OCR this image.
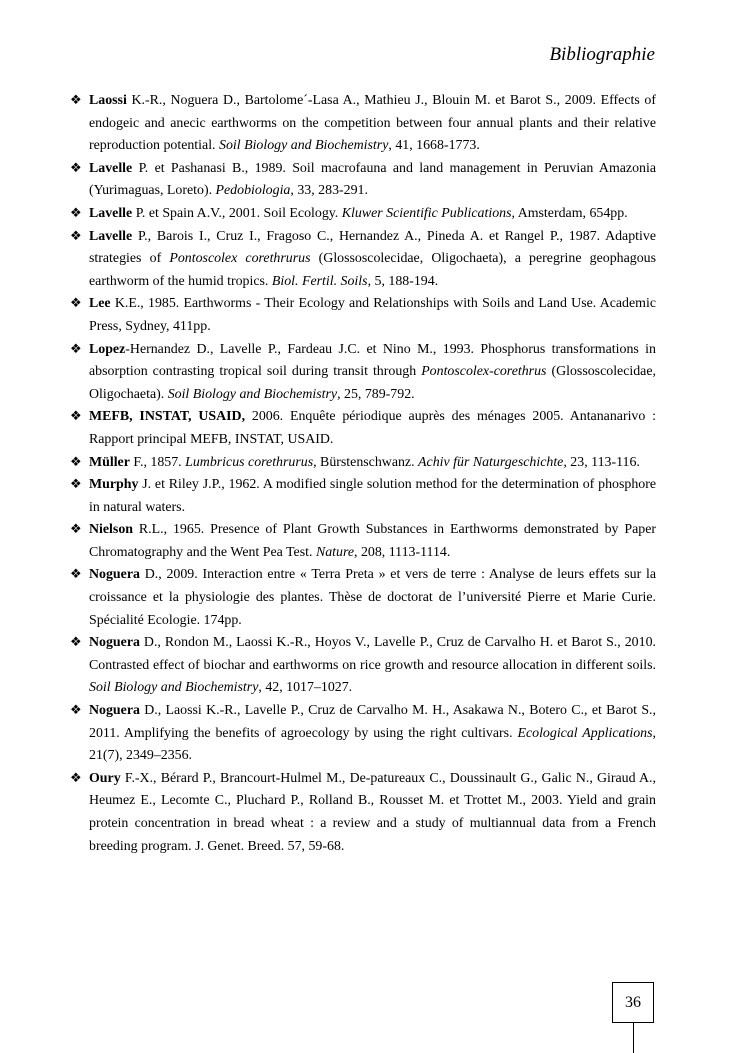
Bibliographie
❖ Laossi K.-R., Noguera D., Bartolome´-Lasa A., Mathieu J., Blouin M. et Barot S., 2009. Effects of endogeic and anecic earthworms on the competition between four annual plants and their relative reproduction potential. Soil Biology and Biochemistry, 41, 1668-1773.
❖ Lavelle P. et Pashanasi B., 1989. Soil macrofauna and land management in Peruvian Amazonia (Yurimaguas, Loreto). Pedobiologia, 33, 283-291.
❖ Lavelle P. et Spain A.V., 2001. Soil Ecology. Kluwer Scientific Publications, Amsterdam, 654pp.
❖ Lavelle P., Barois I., Cruz I., Fragoso C., Hernandez A., Pineda A. et Rangel P., 1987. Adaptive strategies of Pontoscolex corethrurus (Glossoscolecidae, Oligochaeta), a peregrine geophagous earthworm of the humid tropics. Biol. Fertil. Soils, 5, 188-194.
❖ Lee K.E., 1985. Earthworms - Their Ecology and Relationships with Soils and Land Use. Academic Press, Sydney, 411pp.
❖ Lopez-Hernandez D., Lavelle P., Fardeau J.C. et Nino M., 1993. Phosphorus transformations in absorption contrasting tropical soil during transit through Pontoscolex-corethrus (Glossoscolecidae, Oligochaeta). Soil Biology and Biochemistry, 25, 789-792.
❖ MEFB, INSTAT, USAID, 2006. Enquête périodique auprès des ménages 2005. Antananarivo : Rapport principal MEFB, INSTAT, USAID.
❖ Müller F., 1857. Lumbricus corethrurus, Bürstenschwanz. Achiv für Naturgeschichte, 23, 113-116.
❖ Murphy J. et Riley J.P., 1962. A modified single solution method for the determination of phosphore in natural waters.
❖ Nielson R.L., 1965. Presence of Plant Growth Substances in Earthworms demonstrated by Paper Chromatography and the Went Pea Test. Nature, 208, 1113-1114.
❖ Noguera D., 2009. Interaction entre « Terra Preta » et vers de terre : Analyse de leurs effets sur la croissance et la physiologie des plantes. Thèse de doctorat de l’université Pierre et Marie Curie. Spécialité Ecologie. 174pp.
❖ Noguera D., Rondon M., Laossi K.-R., Hoyos V., Lavelle P., Cruz de Carvalho H. et Barot S., 2010. Contrasted effect of biochar and earthworms on rice growth and resource allocation in different soils. Soil Biology and Biochemistry, 42, 1017–1027.
❖ Noguera D., Laossi K.-R., Lavelle P., Cruz de Carvalho M. H., Asakawa N., Botero C., et Barot S., 2011. Amplifying the benefits of agroecology by using the right cultivars. Ecological Applications, 21(7), 2349–2356.
❖ Oury F.-X., Bérard P., Brancourt-Hulmel M., De-patureaux C., Doussinault G., Galic N., Giraud A., Heumez E., Lecomte C., Pluchard P., Rolland B., Rousset M. et Trottet M., 2003. Yield and grain protein concentration in bread wheat : a review and a study of multiannual data from a French breeding program. J. Genet. Breed. 57, 59-68.
36
